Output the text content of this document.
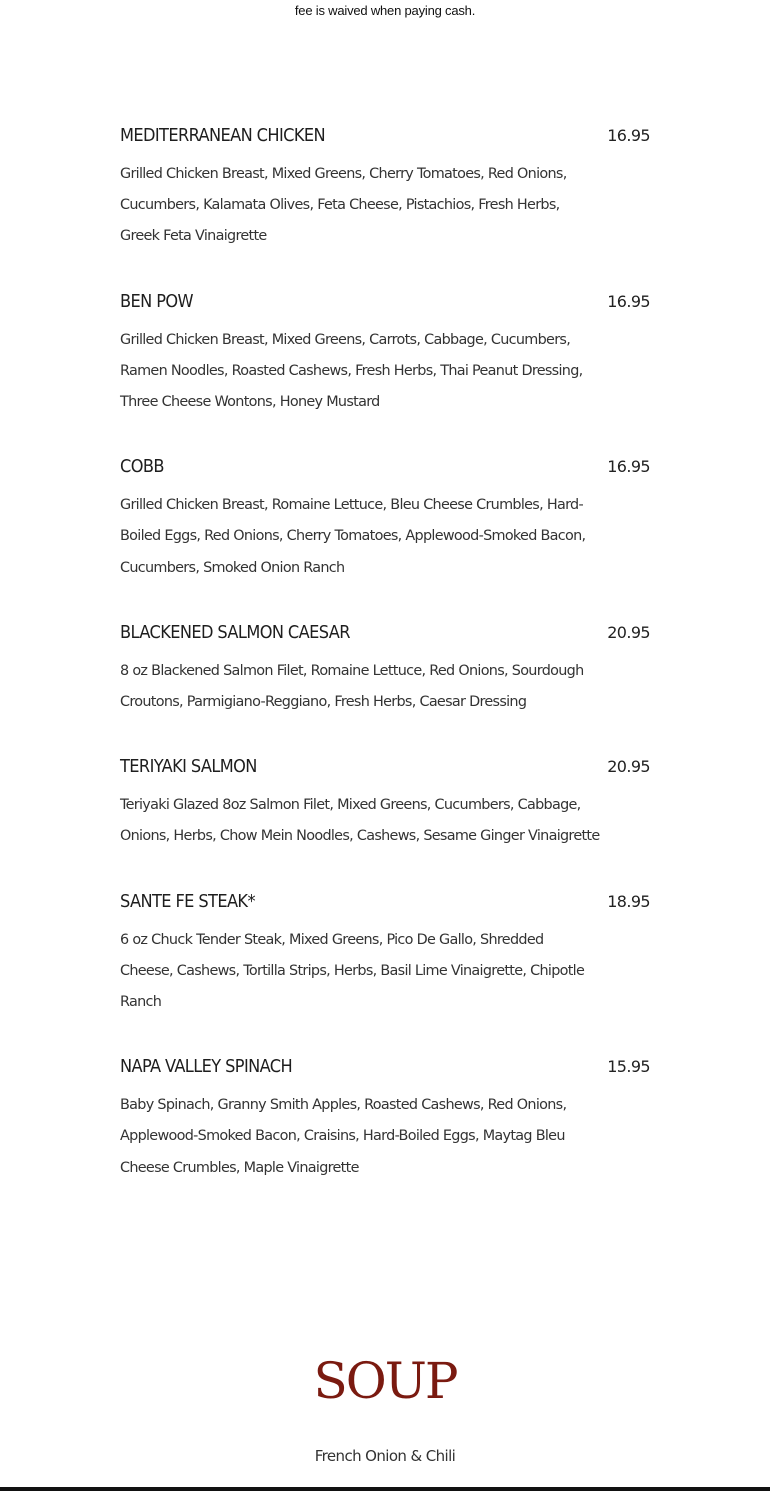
fee is waived when paying cash.
MEDITERRANEAN CHICKEN	16.95
Grilled Chicken Breast, Mixed Greens, Cherry Tomatoes, Red Onions, Cucumbers, Kalamata Olives, Feta Cheese, Pistachios, Fresh Herbs, Greek Feta Vinaigrette
BEN POW	16.95
Grilled Chicken Breast, Mixed Greens, Carrots, Cabbage, Cucumbers, Ramen Noodles, Roasted Cashews, Fresh Herbs, Thai Peanut Dressing, Three Cheese Wontons, Honey Mustard
COBB	16.95
Grilled Chicken Breast, Romaine Lettuce, Bleu Cheese Crumbles, Hard-Boiled Eggs, Red Onions, Cherry Tomatoes, Applewood-Smoked Bacon, Cucumbers, Smoked Onion Ranch
BLACKENED SALMON CAESAR	20.95
8 oz Blackened Salmon Filet, Romaine Lettuce, Red Onions, Sourdough Croutons, Parmigiano-Reggiano, Fresh Herbs, Caesar Dressing
TERIYAKI SALMON	20.95
Teriyaki Glazed 8oz Salmon Filet, Mixed Greens, Cucumbers, Cabbage, Onions, Herbs, Chow Mein Noodles, Cashews, Sesame Ginger Vinaigrette
SANTE FE STEAK*	18.95
6 oz Chuck Tender Steak, Mixed Greens, Pico De Gallo, Shredded Cheese, Cashews, Tortilla Strips, Herbs, Basil Lime Vinaigrette, Chipotle Ranch
NAPA VALLEY SPINACH	15.95
Baby Spinach, Granny Smith Apples, Roasted Cashews, Red Onions, Applewood-Smoked Bacon, Craisins, Hard-Boiled Eggs, Maytag Bleu Cheese Crumbles, Maple Vinaigrette
SOUP
French Onion & Chili
